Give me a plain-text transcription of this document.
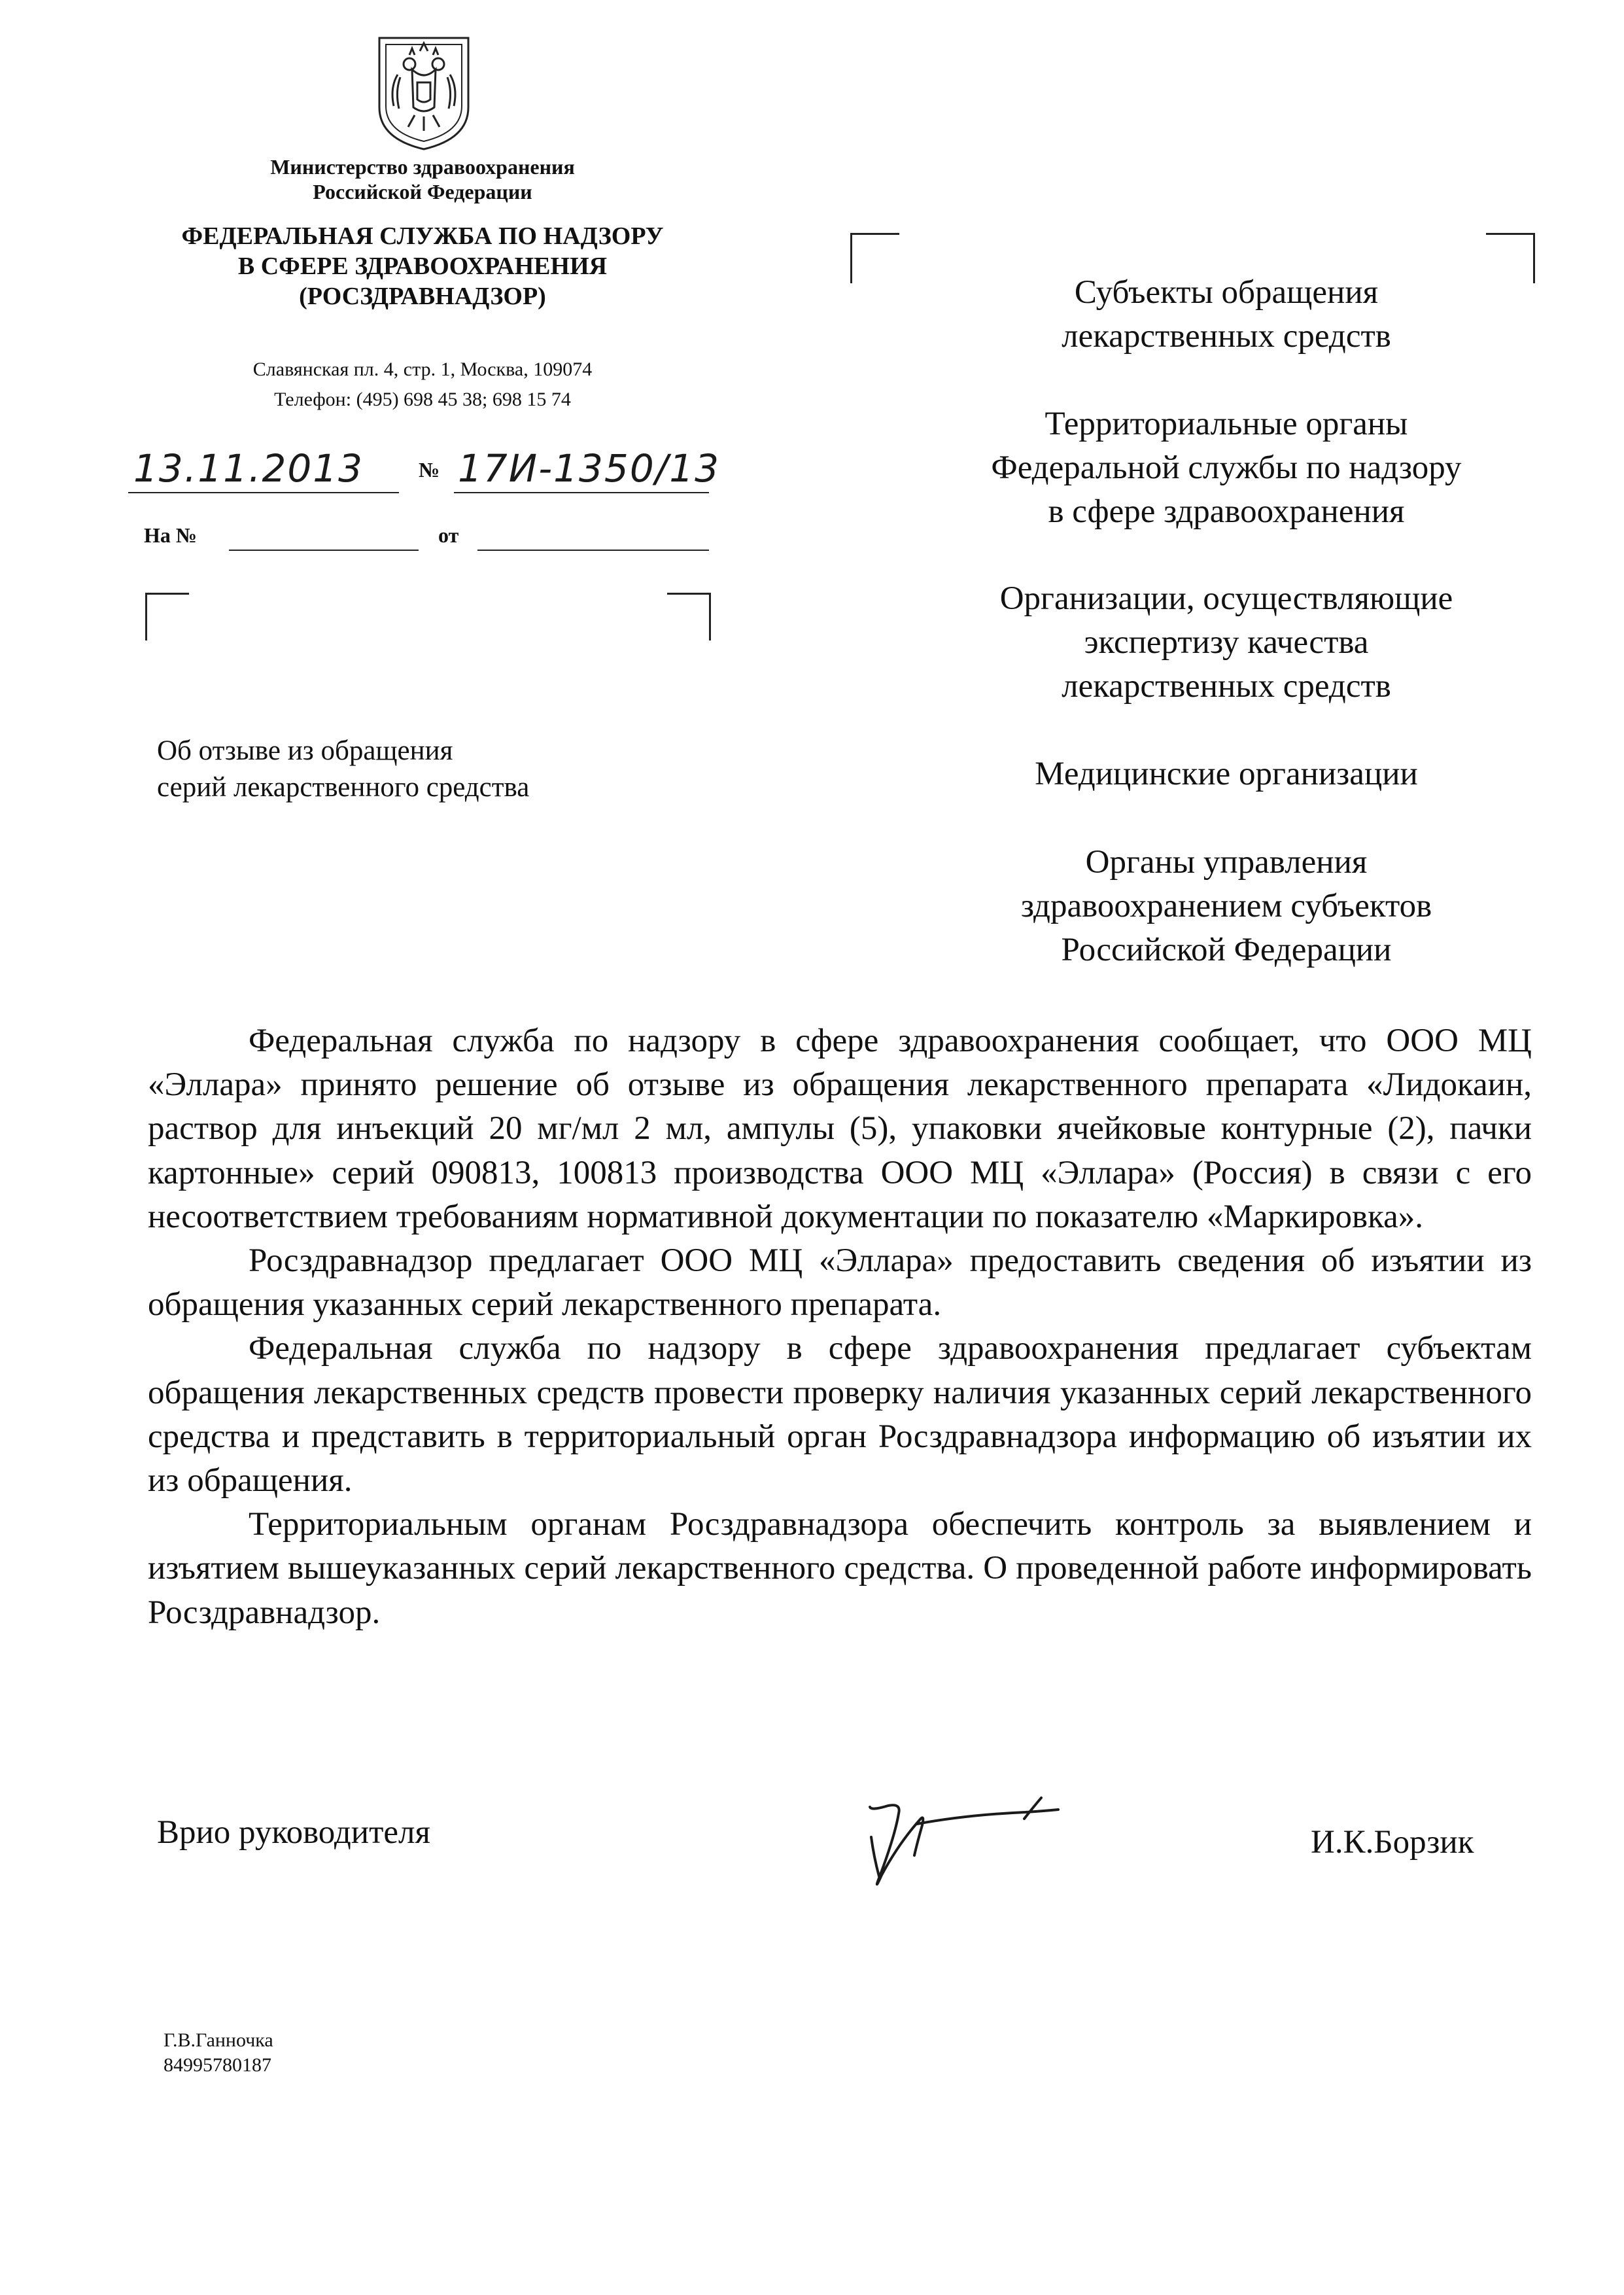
Министерство здравоохранения
Российской Федерации
ФЕДЕРАЛЬНАЯ СЛУЖБА ПО НАДЗОРУ
В СФЕРЕ ЗДРАВООХРАНЕНИЯ
(РОСЗДРАВНАДЗОР)
Славянская пл. 4, стр. 1, Москва, 109074
Телефон: (495) 698 45 38; 698 15 74
13.11.2013	№ 17И-1350/13
На №	от
Об отзыве из обращения
серий лекарственного средства
Субъекты обращения
лекарственных средств
Территориальные органы
Федеральной службы по надзору
в сфере здравоохранения
Организации, осуществляющие
экспертизу качества
лекарственных средств
Медицинские организации
Органы управления
здравоохранением субъектов
Российской Федерации

Федеральная служба по надзору в сфере здравоохранения сообщает, что ООО МЦ «Эллара» принято решение об отзыве из обращения лекарственного препарата «Лидокаин, раствор для инъекций 20 мг/мл 2 мл, ампулы (5), упаковки ячейковые контурные (2), пачки картонные» серий 090813, 100813 производства ООО МЦ «Эллара» (Россия) в связи с его несоответствием требованиям нормативной документации по показателю «Маркировка».

Росздравнадзор предлагает ООО МЦ «Эллара» предоставить сведения об изъятии из обращения указанных серий лекарственного препарата.

Федеральная служба по надзору в сфере здравоохранения предлагает субъектам обращения лекарственных средств провести проверку наличия указанных серий лекарственного средства и представить в территориальный орган Росздравнадзора информацию об изъятии их из обращения.

Территориальным органам Росздравнадзора обеспечить контроль за выявлением и изъятием вышеуказанных серий лекарственного средства. О проведенной работе информировать Росздравнадзор.

Врио руководителя	И.К.Борзик
Г.В.Ганночка
84995780187
